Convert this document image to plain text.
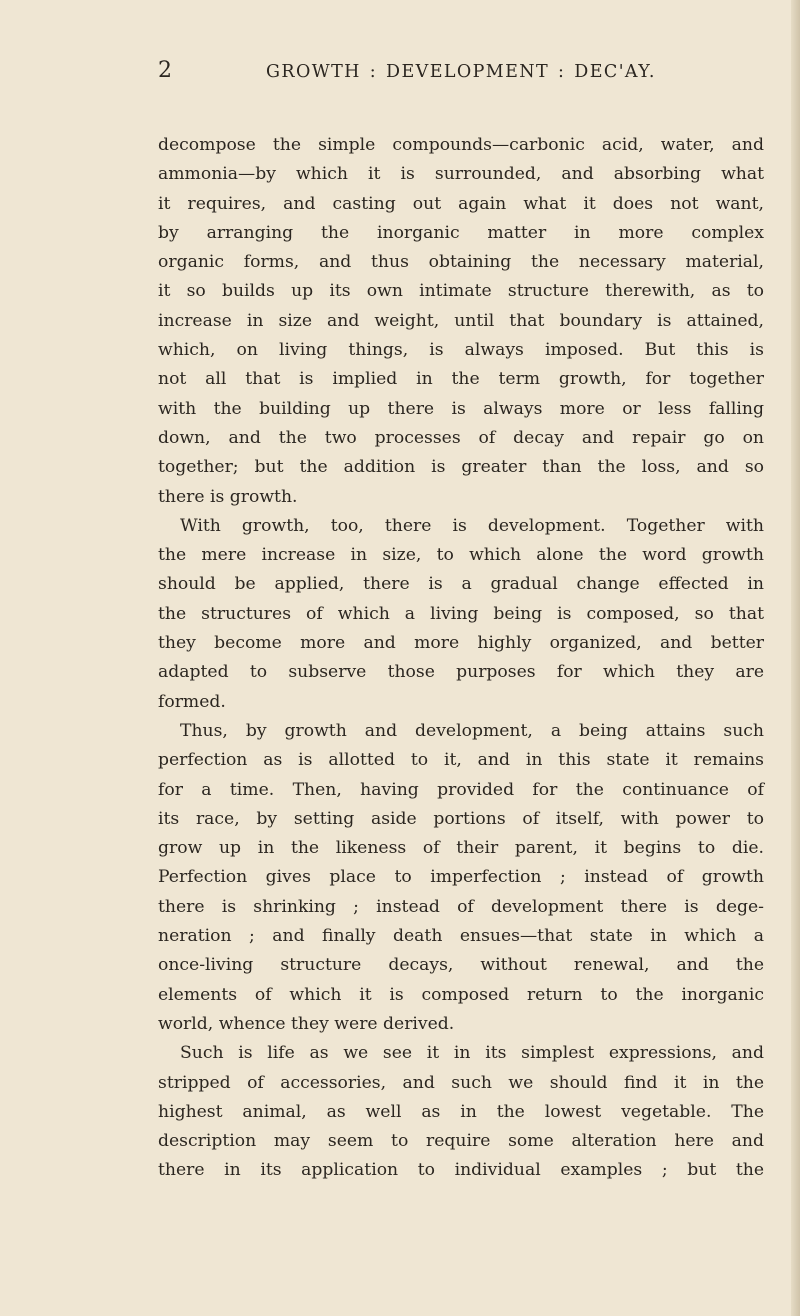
2	GROWTH : DEVELOPMENT : DEC'AY.
decompose the simple compounds—carbonic acid, water, and
ammonia—by which it is surrounded, and absorbing what
it requires, and casting out again what it does not want,
by arranging the inorganic matter in more complex
organic forms, and thus obtaining the necessary material,
it so builds up its own intimate structure therewith, as to
increase in size and weight, until that boundary is attained,
which, on living things, is always imposed. But this is
not all that is implied in the term growth, for together
with the building up there is always more or less falling
down, and the two processes of decay and repair go on
together; but the addition is greater than the loss, and so
there is growth.
With growth, too, there is development. Together with
the mere increase in size, to which alone the word growth
should be applied, there is a gradual change effected in
the structures of which a living being is composed, so that
they become more and more highly organized, and better
adapted to subserve those purposes for which they are
formed.
Thus, by growth and development, a being attains such
perfection as is allotted to it, and in this state it remains
for a time. Then, having provided for the continuance of
its race, by setting aside portions of itself, with power to
grow up in the likeness of their parent, it begins to die.
Perfection gives place to imperfection ; instead of growth
there is shrinking ; instead of development there is dege-
neration ; and finally death ensues—that state in which a
once-living structure decays, without renewal, and the
elements of which it is composed return to the inorganic
world, whence they were derived.
Such is life as we see it in its simplest expressions, and
stripped of accessories, and such we should find it in the
highest animal, as well as in the lowest vegetable. The
description may seem to require some alteration here and
there in its application to individual examples ; but the
